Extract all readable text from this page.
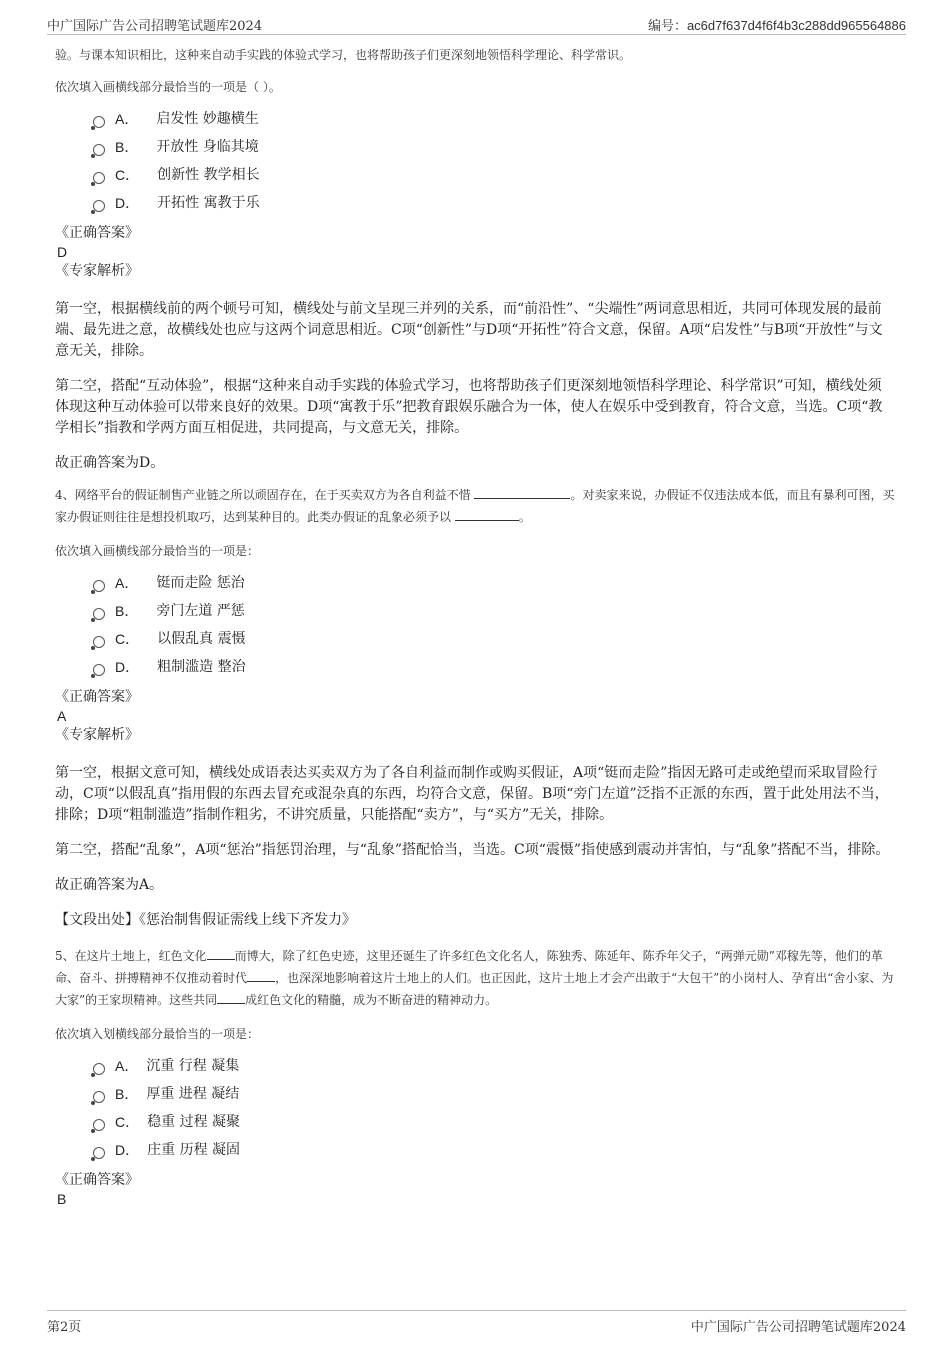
中广国际广告公司招聘笔试题库2024	编号：ac6d7f637d4f6f4b3c288dd965564886

验。与课本知识相比，这种来自动手实践的体验式学习，也将帮助孩子们更深刻地领悟科学理论、科学常识。

依次填入画横线部分最恰当的一项是（ ）。

A． 启发性 妙趣横生
B． 开放性 身临其境
C． 创新性 教学相长
D． 开拓性 寓教于乐

《正确答案》

D

《专家解析》

第一空，根据横线前的两个顿号可知，横线处与前文呈现三并列的关系，而“前沿性”、“尖端性”两词意思相近，共同可体现发展的最前端、最先进之意，故横线处也应与这两个词意思相近。C项“创新性”与D项“开拓性”符合文意，保留。A项“启发性”与B项“开放性”与文意无关，排除。

第二空，搭配“互动体验”，根据“这种来自动手实践的体验式学习，也将帮助孩子们更深刻地领悟科学理论、科学常识”可知，横线处须体现这种互动体验可以带来良好的效果。D项“寓教于乐”把教育跟娱乐融合为一体，使人在娱乐中受到教育，符合文意，当选。C项“教学相长”指教和学两方面互相促进，共同提高，与文意无关，排除。

故正确答案为D。

4、网络平台的假证制售产业链之所以顽固存在，在于买卖双方为各自利益不惜	。对卖家来说，办假证不仅违法成本低，而且有暴利可图，买家办假证则往往是想投机取巧，达到某种目的。此类办假证的乱象必须予以	。

依次填入画横线部分最恰当的一项是：

A． 铤而走险 惩治
B． 旁门左道 严惩
C． 以假乱真 震慑
D． 粗制滥造 整治

《正确答案》

A

《专家解析》

第一空，根据文意可知，横线处成语表达买卖双方为了各自利益而制作或购买假证，A项“铤而走险”指因无路可走或绝望而采取冒险行动，C项“以假乱真”指用假的东西去冒充或混杂真的东西，均符合文意，保留。B项“旁门左道”泛指不正派的东西，置于此处用法不当，排除；D项“粗制滥造”指制作粗劣，不讲究质量，只能搭配“卖方”，与“买方”无关，排除。

第二空，搭配“乱象”，A项“惩治”指惩罚治理，与“乱象”搭配恰当，当选。C项“震慑”指使感到震动并害怕，与“乱象”搭配不当，排除。

故正确答案为A。

【文段出处】《惩治制售假证需线上线下齐发力》

5、在这片土地上，红色文化 而博大，除了红色史迹，这里还诞生了许多红色文化名人，陈独秀、陈延年、陈乔年父子，“两弹元勋”邓稼先等，他们的革命、奋斗、拼搏精神不仅推动着时代 ，也深深地影响着这片土地上的人们。也正因此，这片土地上才会产出敢于“大包干”的小岗村人、孕育出“舍小家、为大家”的王家坝精神。这些共同 成红色文化的精髓，成为不断奋进的精神动力。

依次填入划横线部分最恰当的一项是：

A． 沉重 行程 凝集
B． 厚重 进程 凝结
C． 稳重 过程 凝聚
D． 庄重 历程 凝固

《正确答案》

B

第2页	中广国际广告公司招聘笔试题库2024
